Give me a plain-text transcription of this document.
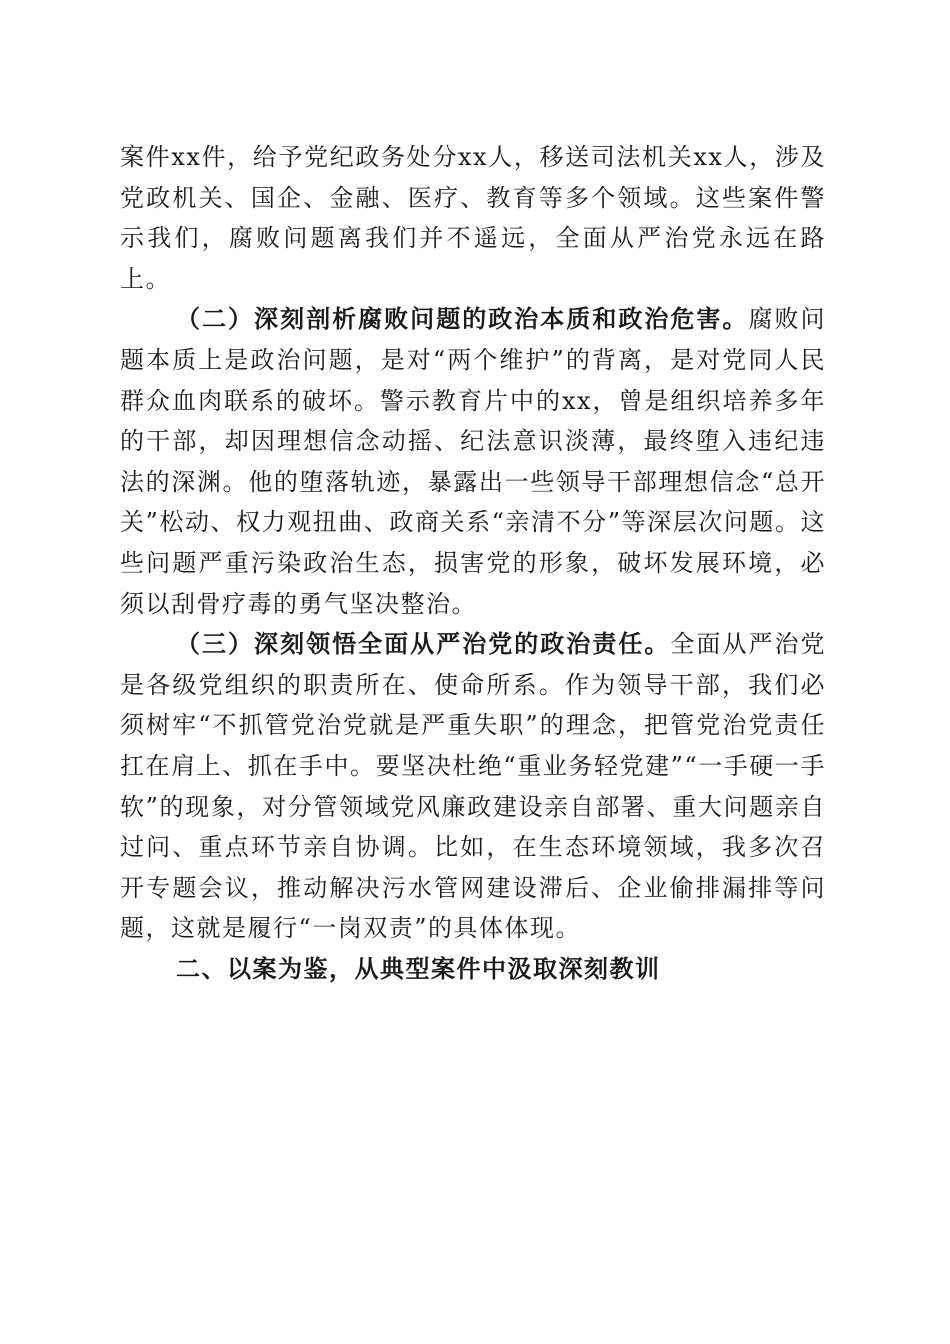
案件xx件，给予党纪政务处分xx人，移送司法机关xx人，涉及党政机关、国企、金融、医疗、教育等多个领域。这些案件警示我们，腐败问题离我们并不遥远，全面从严治党永远在路上。

（二）深刻剖析腐败问题的政治本质和政治危害。腐败问题本质上是政治问题，是对“两个维护”的背离，是对党同人民群众血肉联系的破坏。警示教育片中的xx，曾是组织培养多年的干部，却因理想信念动摇、纪法意识淡薄，最终堕入违纪违法的深渊。他的堕落轨迹，暴露出一些领导干部理想信念“总开关”松动、权力观扭曲、政商关系“亲清不分”等深层次问题。这些问题严重污染政治生态，损害党的形象，破坏发展环境，必须以刮骨疗毒的勇气坚决整治。

（三）深刻领悟全面从严治党的政治责任。全面从严治党是各级党组织的职责所在、使命所系。作为领导干部，我们必须树牢“不抓管党治党就是严重失职”的理念，把管党治党责任扛在肩上、抓在手中。要坚决杜绝“重业务轻党建”“一手硬一手软”的现象，对分管领域党风廉政建设亲自部署、重大问题亲自过问、重点环节亲自协调。比如，在生态环境领域，我多次召开专题会议，推动解决污水管网建设滞后、企业偷排漏排等问题，这就是履行“一岗双责”的具体体现。

二、以案为鉴，从典型案件中汲取深刻教训
